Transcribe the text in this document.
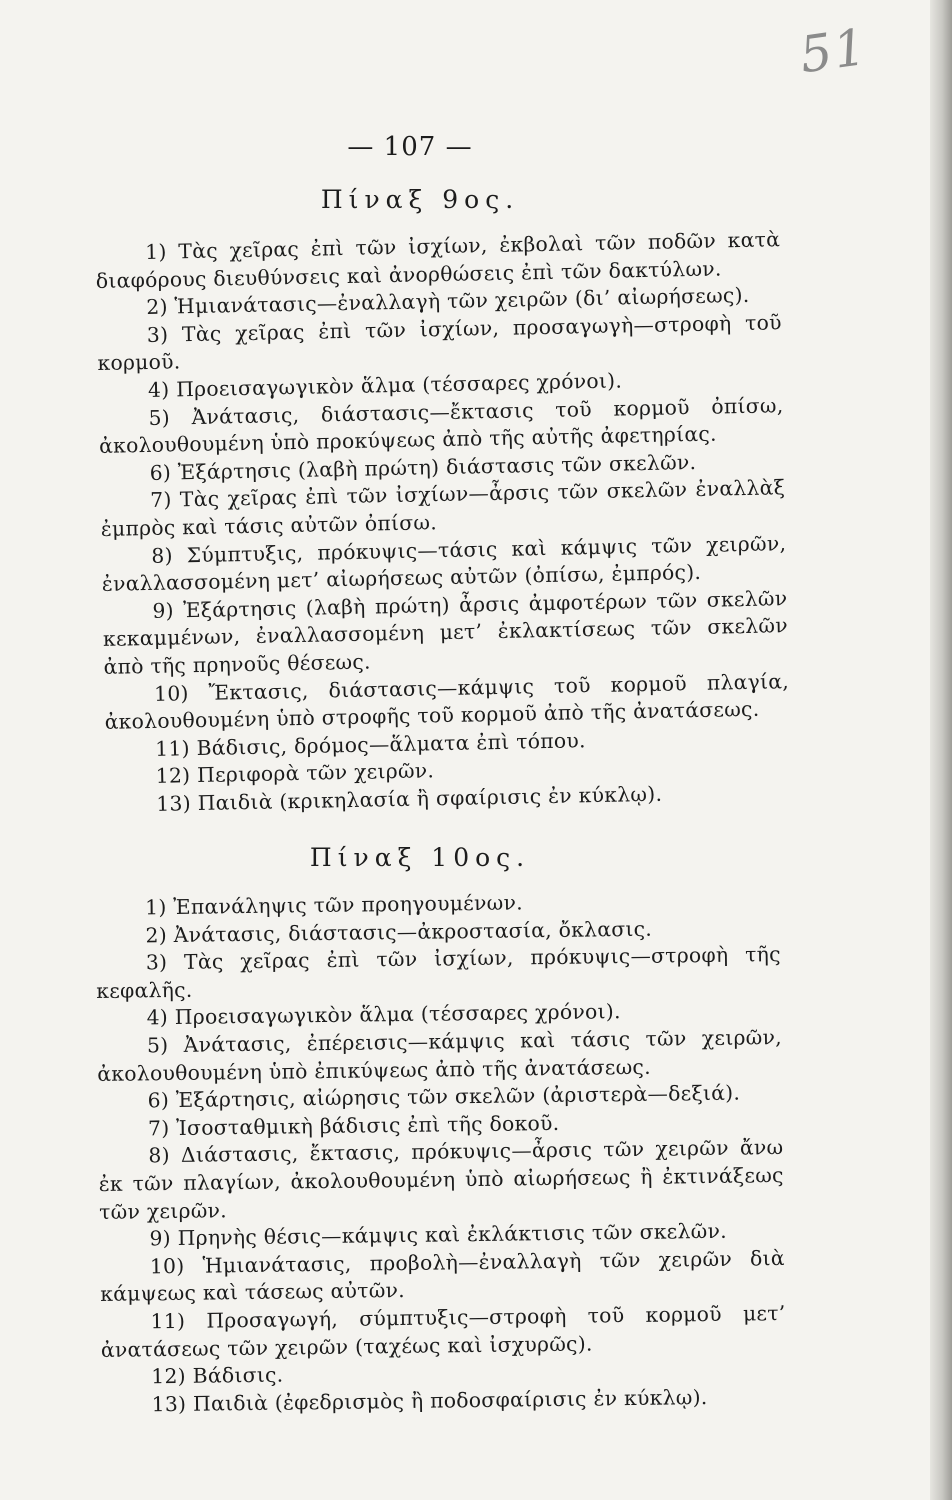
51
— 107 —
Πίναξ 9ος.
1) Τὰς χεῖρας ἐπὶ τῶν ἰσχίων, ἐκβολαὶ τῶν ποδῶν κατὰ διαφόρους διευθύνσεις καὶ ἀνορθώσεις ἐπὶ τῶν δακτύλων.
2) Ἡμιανάτασις—ἐναλλαγὴ τῶν χειρῶν (δι’ αἰωρήσεως).
3) Τὰς χεῖρας ἐπὶ τῶν ἰσχίων, προσαγωγὴ—στροφὴ τοῦ κορμοῦ.
4) Προεισαγωγικὸν ἅλμα (τέσσαρες χρόνοι).
5) Ἀνάτασις, διάστασις—ἔκτασις τοῦ κορμοῦ ὀπίσω, ἀκολουθουμένη ὑπὸ προκύψεως ἀπὸ τῆς αὐτῆς ἀφετηρίας.
6) Ἐξάρτησις (λαβὴ πρώτη) διάστασις τῶν σκελῶν.
7) Τὰς χεῖρας ἐπὶ τῶν ἰσχίων—ἆρσις τῶν σκελῶν ἐναλλὰξ ἐμπρὸς καὶ τάσις αὐτῶν ὀπίσω.
8) Σύμπτυξις, πρόκυψις—τάσις καὶ κάμψις τῶν χειρῶν, ἐναλλασσομένη μετ’ αἰωρήσεως αὐτῶν (ὀπίσω, ἐμπρός).
9) Ἐξάρτησις (λαβὴ πρώτη) ἆρσις ἀμφοτέρων τῶν σκελῶν κεκαμμένων, ἐναλλασσομένη μετ’ ἐκλακτίσεως τῶν σκελῶν ἀπὸ τῆς πρηνοῦς θέσεως.
10) Ἔκτασις, διάστασις—κάμψις τοῦ κορμοῦ πλαγία, ἀκολουθουμένη ὑπὸ στροφῆς τοῦ κορμοῦ ἀπὸ τῆς ἀνατάσεως.
11) Βάδισις, δρόμος—ἅλματα ἐπὶ τόπου.
12) Περιφορὰ τῶν χειρῶν.
13) Παιδιὰ (κρικηλασία ἢ σφαίρισις ἐν κύκλῳ).
Πίναξ 10ος.
1) Ἐπανάληψις τῶν προηγουμένων.
2) Ἀνάτασις, διάστασις—ἀκροστασία, ὄκλασις.
3) Τὰς χεῖρας ἐπὶ τῶν ἰσχίων, πρόκυψις—στροφὴ τῆς κεφαλῆς.
4) Προεισαγωγικὸν ἅλμα (τέσσαρες χρόνοι).
5) Ἀνάτασις, ἐπέρεισις—κάμψις καὶ τάσις τῶν χειρῶν, ἀκολουθουμένη ὑπὸ ἐπικύψεως ἀπὸ τῆς ἀνατάσεως.
6) Ἐξάρτησις, αἰώρησις τῶν σκελῶν (ἀριστερὰ—δεξιά).
7) Ἰσοσταθμικὴ βάδισις ἐπὶ τῆς δοκοῦ.
8) Διάστασις, ἔκτασις, πρόκυψις—ἆρσις τῶν χειρῶν ἄνω ἐκ τῶν πλαγίων, ἀκολουθουμένη ὑπὸ αἰωρήσεως ἢ ἐκτινάξεως τῶν χειρῶν.
9) Πρηνὴς θέσις—κάμψις καὶ ἐκλάκτισις τῶν σκελῶν.
10) Ἡμιανάτασις, προβολὴ—ἐναλλαγὴ τῶν χειρῶν διὰ κάμψεως καὶ τάσεως αὐτῶν.
11) Προσαγωγή, σύμπτυξις—στροφὴ τοῦ κορμοῦ μετ’ ἀνατάσεως τῶν χειρῶν (ταχέως καὶ ἰσχυρῶς).
12) Βάδισις.
13) Παιδιὰ (ἐφεδρισμὸς ἢ ποδοσφαίρισις ἐν κύκλῳ).
